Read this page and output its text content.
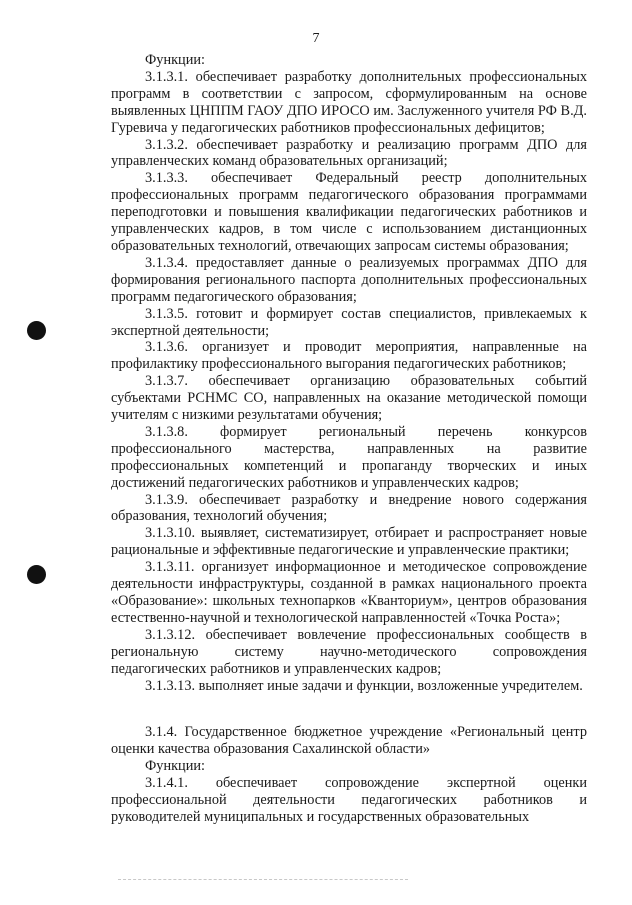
7
Функции:
3.1.3.1. обеспечивает разработку дополнительных профессиональных программ в соответствии с запросом, сформулированным на основе выявленных ЦНППМ ГАОУ ДПО ИРОСО им. Заслуженного учителя РФ В.Д. Гуревича у педагогических работников профессиональных дефицитов;
3.1.3.2. обеспечивает разработку и реализацию программ ДПО для управленческих команд образовательных организаций;
3.1.3.3. обеспечивает Федеральный реестр дополнительных профессиональных программ педагогического образования программами переподготовки и повышения квалификации педагогических работников и управленческих кадров, в том числе с использованием дистанционных образовательных технологий, отвечающих запросам системы образования;
3.1.3.4. предоставляет данные о реализуемых программах ДПО для формирования регионального паспорта дополнительных профессиональных программ педагогического образования;
3.1.3.5. готовит и формирует состав специалистов, привлекаемых к экспертной деятельности;
3.1.3.6. организует и проводит мероприятия, направленные на профилактику профессионального выгорания педагогических работников;
3.1.3.7. обеспечивает организацию образовательных событий субъектами РСНМС СО, направленных на оказание методической помощи учителям с низкими результатами обучения;
3.1.3.8. формирует региональный перечень конкурсов профессионального мастерства, направленных на развитие профессиональных компетенций и пропаганду творческих и иных достижений педагогических работников и управленческих кадров;
3.1.3.9. обеспечивает разработку и внедрение нового содержания образования, технологий обучения;
3.1.3.10. выявляет, систематизирует, отбирает и распространяет новые рациональные и эффективные педагогические и управленческие практики;
3.1.3.11. организует информационное и методическое сопровождение деятельности инфраструктуры, созданной в рамках национального проекта «Образование»: школьных технопарков «Кванториум», центров образования естественно-научной и технологической направленностей «Точка Роста»;
3.1.3.12. обеспечивает вовлечение профессиональных сообществ в региональную систему научно-методического сопровождения педагогических работников и управленческих кадров;
3.1.3.13. выполняет иные задачи и функции, возложенные учредителем.
3.1.4. Государственное бюджетное учреждение «Региональный центр оценки качества образования Сахалинской области»
Функции:
3.1.4.1. обеспечивает сопровождение экспертной оценки профессиональной деятельности педагогических работников и руководителей муниципальных и государственных образовательных
